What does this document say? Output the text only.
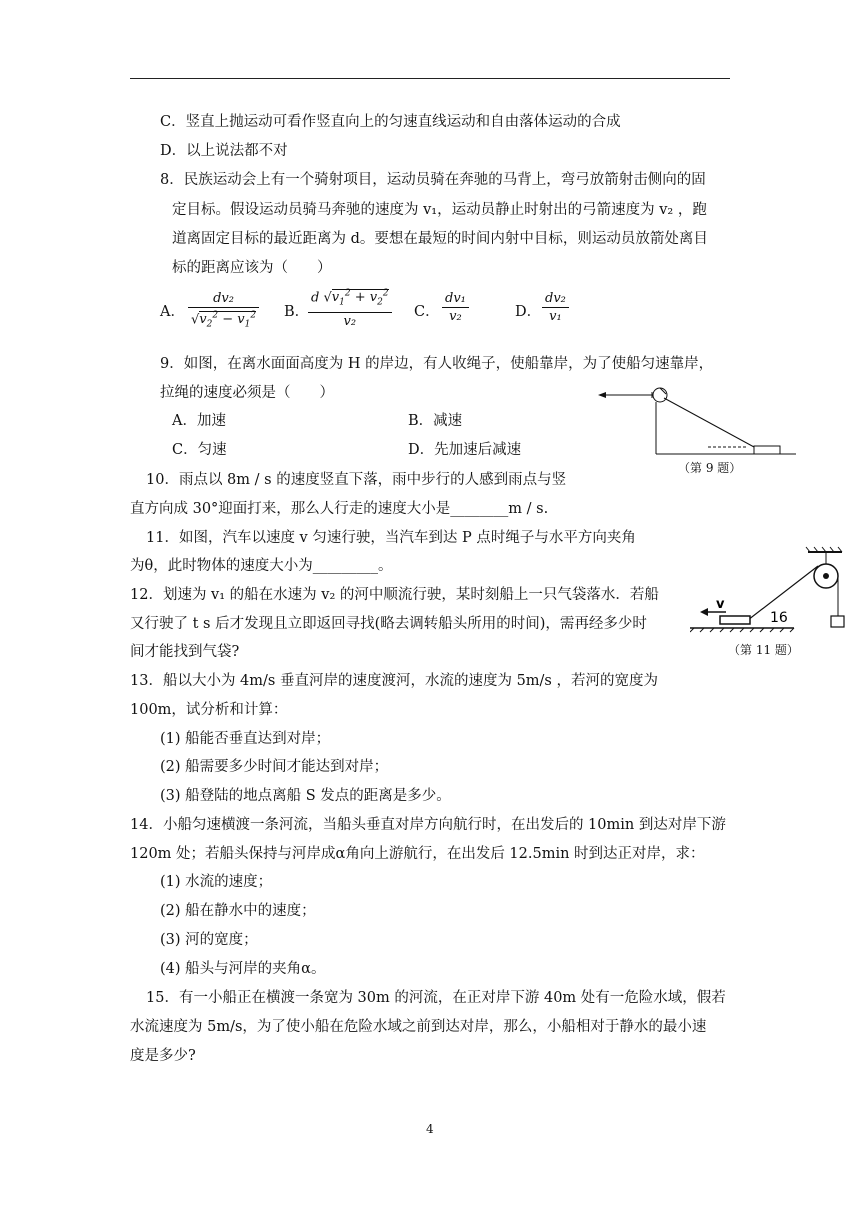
C．竖直上抛运动可看作竖直向上的匀速直线运动和自由落体运动的合成
D．以上说法都不对
8．民族运动会上有一个骑射项目，运动员骑在奔驰的马背上，弯弓放箭射击侧向的固
定目标。假设运动员骑马奔驰的速度为 v₁，运动员静止时射出的弓箭速度为 v₂ ，跑
道离固定目标的最近距离为 d。要想在最短的时间内射中目标，则运动员放箭处离目
标的距离应该为（　　）
A．
dv₂
$√v_2^2 - v_1^2$ B．
d $√v_1^2 + v_2^2$
v₂
C．
dv₁
v₂	D．
dv₂
v₁
9．如图，在离水面面高度为 H 的岸边，有人收绳子，使船靠岸，为了使船匀速靠岸，
拉绳的速度必须是（　　）
A．加速	B．减速
C．匀速	D．先加速后减速
（第 9 题）
10．雨点以 8m / s 的速度竖直下落，雨中步行的人感到雨点与竖
直方向成 30°迎面打来，那么人行走的速度大小是________m / s.
11．如图，汽车以速度 v 匀速行驶，当汽车到达 P 点时绳子与水平方向夹角
为θ，此时物体的速度大小为_________。
v
16
（第 11 题）
12．划速为 v₁ 的船在水速为 v₂ 的河中顺流行驶，某时刻船上一只气袋落水．若船
又行驶了 t s 后才发现且立即返回寻找(略去调转船头所用的时间)，需再经多少时
间才能找到气袋?
13．船以大小为 4m/s 垂直河岸的速度渡河，水流的速度为 5m/s ，若河的宽度为
100m，试分析和计算：
(1) 船能否垂直达到对岸；
(2) 船需要多少时间才能达到对岸；
(3) 船登陆的地点离船 S 发点的距离是多少。
14．小船匀速横渡一条河流，当船头垂直对岸方向航行时，在出发后的 10min 到达对岸下游
120m 处；若船头保持与河岸成α角向上游航行，在出发后 12.5min 时到达正对岸，求：
(1) 水流的速度；
(2) 船在静水中的速度；
(3) 河的宽度；
(4) 船头与河岸的夹角α。
15．有一小船正在横渡一条宽为 30m 的河流，在正对岸下游 40m 处有一危险水域，假若
水流速度为 5m/s，为了使小船在危险水域之前到达对岸，那么，小船相对于静水的最小速
度是多少?
4
